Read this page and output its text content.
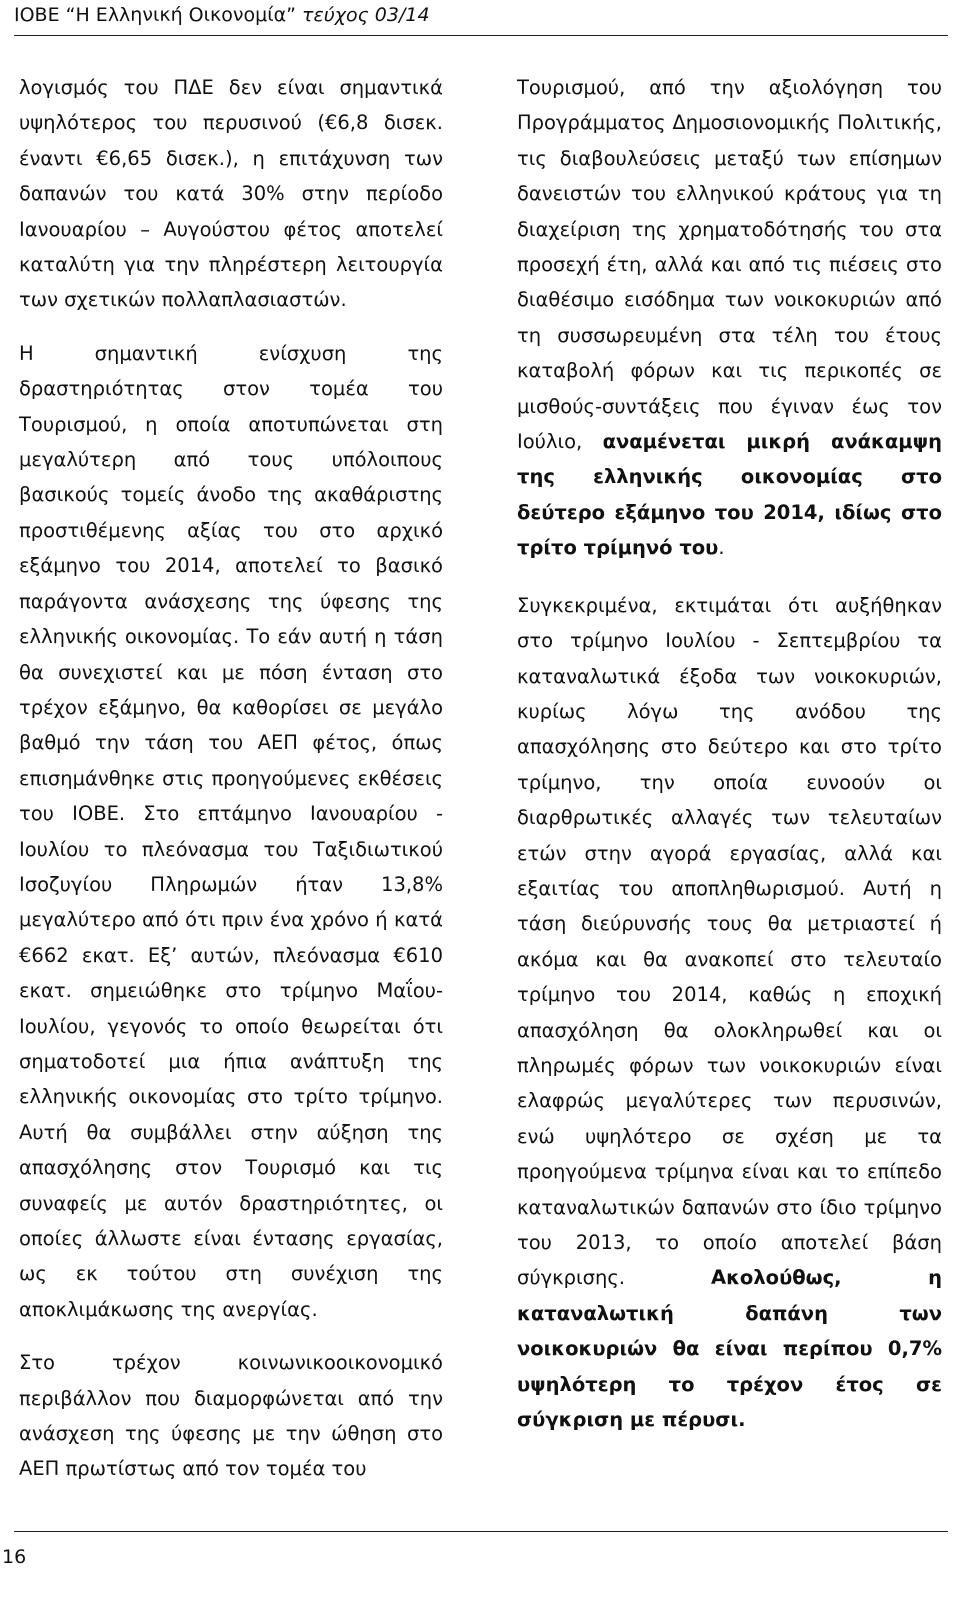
ΙΟΒΕ “Η Ελληνική Οικονομία” τεύχος 03/14

λογισμός του ΠΔΕ δεν είναι σημαντικά υψηλότερος του περυσινού (€6,8 δισεκ. έναντι €6,65 δισεκ.), η επιτάχυνση των δαπανών του κατά 30% στην περίοδο Ιανουαρίου – Αυγούστου φέτος αποτελεί καταλύτη για την πληρέστερη λειτουργία των σχετικών πολλαπλασιαστών.

Η σημαντική ενίσχυση της δραστηριότητας στον τομέα του Τουρισμού, η οποία αποτυπώνεται στη μεγαλύτερη από τους υπόλοιπους βασικούς τομείς άνοδο της ακαθάριστης προστιθέμενης αξίας του στο αρχικό εξάμηνο του 2014, αποτελεί το βασικό παράγοντα ανάσχεσης της ύφεσης της ελληνικής οικονομίας. Το εάν αυτή η τάση θα συνεχιστεί και με πόση ένταση στο τρέχον εξάμηνο, θα καθορίσει σε μεγάλο βαθμό την τάση του ΑΕΠ φέτος, όπως επισημάνθηκε στις προηγούμενες εκθέσεις του ΙΟΒΕ. Στο επτάμηνο Ιανουαρίου - Ιουλίου το πλεόνασμα του Ταξιδιωτικού Ισοζυγίου Πληρωμών ήταν 13,8% μεγαλύτερο από ότι πριν ένα χρόνο ή κατά €662 εκατ. Εξ’ αυτών, πλεόνασμα €610 εκατ. σημειώθηκε στο τρίμηνο Μαΐου-Ιουλίου, γεγονός το οποίο θεωρείται ότι σηματοδοτεί μια ήπια ανάπτυξη της ελληνικής οικονομίας στο τρίτο τρίμηνο. Αυτή θα συμβάλλει στην αύξηση της απασχόλησης στον Τουρισμό και τις συναφείς με αυτόν δραστηριότητες, οι οποίες άλλωστε είναι έντασης εργασίας, ως εκ τούτου στη συνέχιση της αποκλιμάκωσης της ανεργίας.

Στο τρέχον κοινωνικοοικονομικό περιβάλλον που διαμορφώνεται από την ανάσχεση της ύφεσης με την ώθηση στο ΑΕΠ πρωτίστως από τον τομέα του

Τουρισμού, από την αξιολόγηση του Προγράμματος Δημοσιονομικής Πολιτικής, τις διαβουλεύσεις μεταξύ των επίσημων δανειστών του ελληνικού κράτους για τη διαχείριση της χρηματοδότησής του στα προσεχή έτη, αλλά και από τις πιέσεις στο διαθέσιμο εισόδημα των νοικοκυριών από τη συσσωρευμένη στα τέλη του έτους καταβολή φόρων και τις περικοπές σε μισθούς-συντάξεις που έγιναν έως τον Ιούλιο, αναμένεται μικρή ανάκαμψη της ελληνικής οικονομίας στο δεύτερο εξάμηνο του 2014, ιδίως στο τρίτο τρίμηνό του.

Συγκεκριμένα, εκτιμάται ότι αυξήθηκαν στο τρίμηνο Ιουλίου - Σεπτεμβρίου τα καταναλωτικά έξοδα των νοικοκυριών, κυρίως λόγω της ανόδου της απασχόλησης στο δεύτερο και στο τρίτο τρίμηνο, την οποία ευνοούν οι διαρθρωτικές αλλαγές των τελευταίων ετών στην αγορά εργασίας, αλλά και εξαιτίας του αποπληθωρισμού. Αυτή η τάση διεύρυνσής τους θα μετριαστεί ή ακόμα και θα ανακοπεί στο τελευταίο τρίμηνο του 2014, καθώς η εποχική απασχόληση θα ολοκληρωθεί και οι πληρωμές φόρων των νοικοκυριών είναι ελαφρώς μεγαλύτερες των περυσινών, ενώ υψηλότερο σε σχέση με τα προηγούμενα τρίμηνα είναι και το επίπεδο καταναλωτικών δαπανών στο ίδιο τρίμηνο του 2013, το οποίο αποτελεί βάση σύγκρισης. Ακολούθως, η καταναλωτική δαπάνη των νοικοκυριών θα είναι περίπου 0,7% υψηλότερη το τρέχον έτος σε σύγκριση με πέρυσι.

16
